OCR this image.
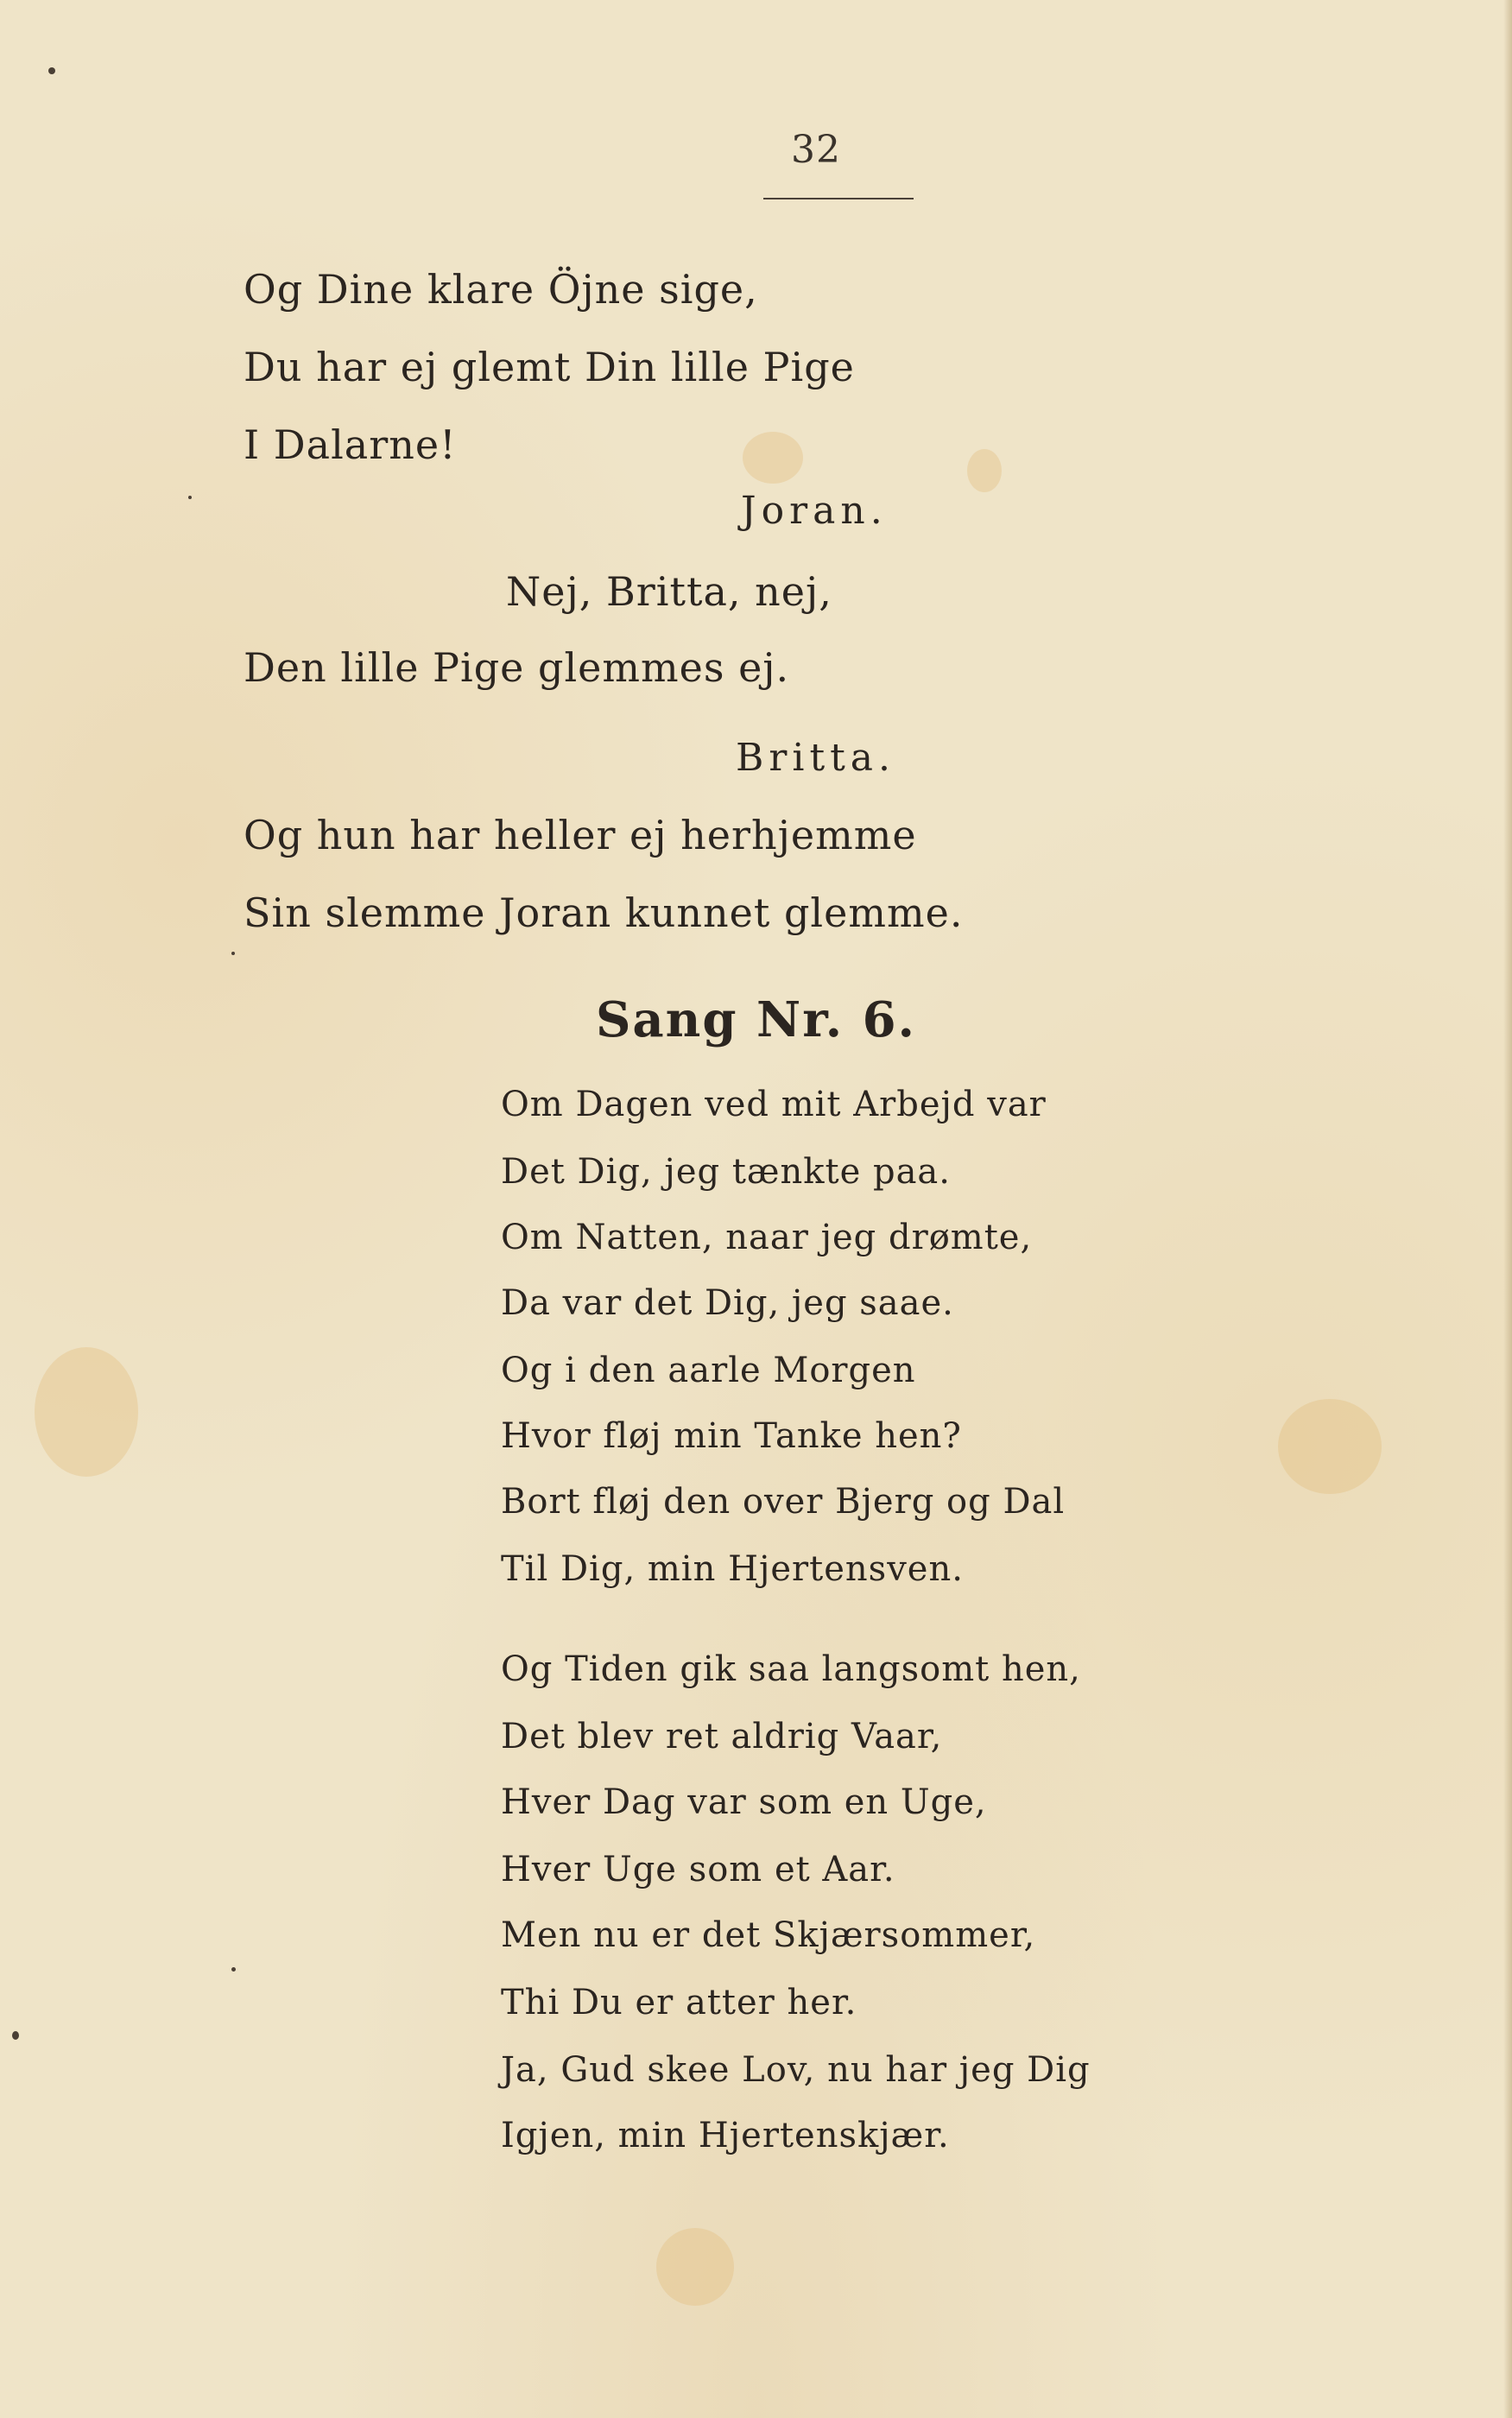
32
Og Dine klare Öjne sige,
Du har ej glemt Din lille Pige
I Dalarne!
Joran.
Nej, Britta, nej,
Den lille Pige glemmes ej.
Britta.
Og hun har heller ej herhjemme
Sin slemme Joran kunnet glemme.
Sang Nr. 6.
Om Dagen ved mit Arbejd var
Det Dig, jeg tænkte paa.
Om Natten, naar jeg drømte,
Da var det Dig, jeg saae.
Og i den aarle Morgen
Hvor fløj min Tanke hen?
Bort fløj den over Bjerg og Dal
Til Dig, min Hjertensven.
Og Tiden gik saa langsomt hen,
Det blev ret aldrig Vaar,
Hver Dag var som en Uge,
Hver Uge som et Aar.
Men nu er det Skjærsommer,
Thi Du er atter her.
Ja, Gud skee Lov, nu har jeg Dig
Igjen, min Hjertenskjær.
